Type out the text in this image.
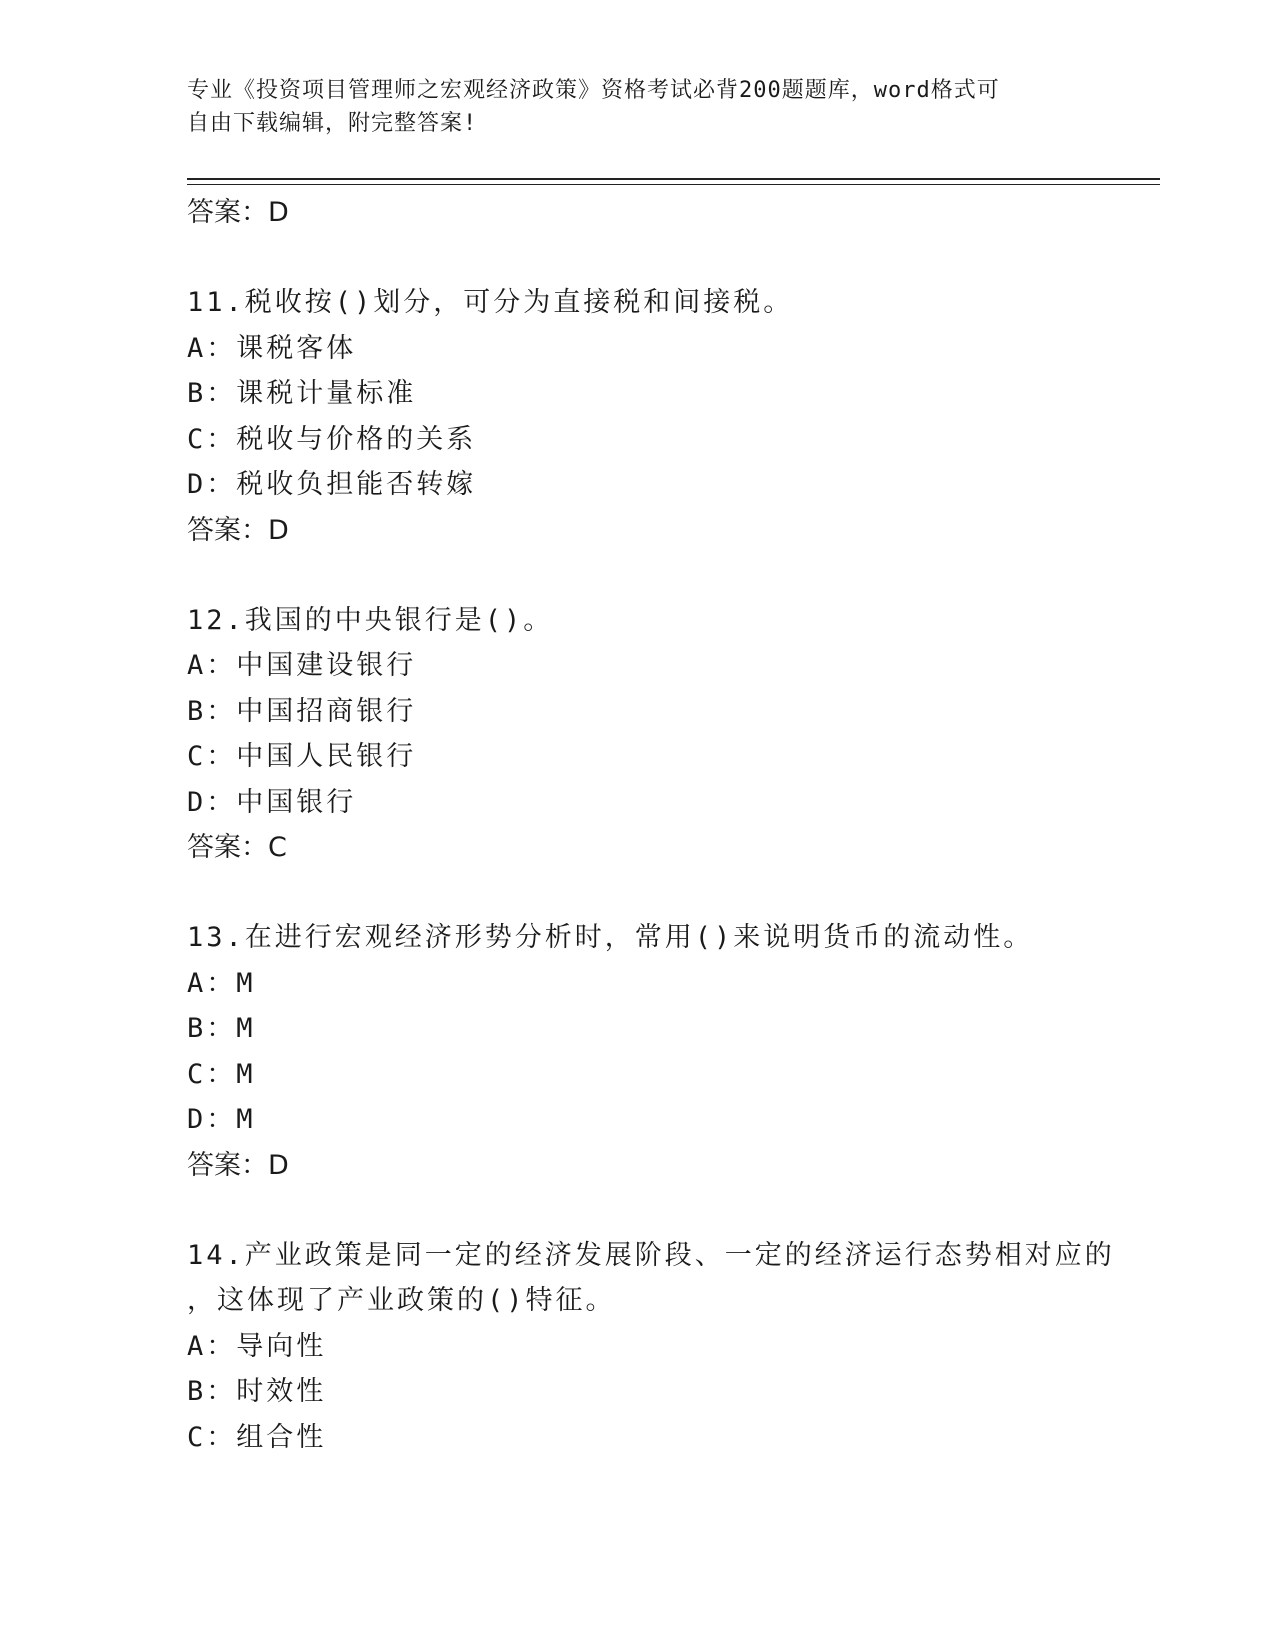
专业《投资项目管理师之宏观经济政策》资格考试必背200题题库，word格式可
自由下载编辑，附完整答案!
答案：D
11.税收按()划分，可分为直接税和间接税。
A：课税客体
B：课税计量标准
C：税收与价格的关系
D：税收负担能否转嫁
答案：D
12.我国的中央银行是()。
A：中国建设银行
B：中国招商银行
C：中国人民银行
D：中国银行
答案：C
13.在进行宏观经济形势分析时，常用()来说明货币的流动性。
A：M
B：M
C：M
D：M
答案：D
14.产业政策是同一定的经济发展阶段、一定的经济运行态势相对应的
，这体现了产业政策的()特征。
A：导向性
B：时效性
C：组合性
